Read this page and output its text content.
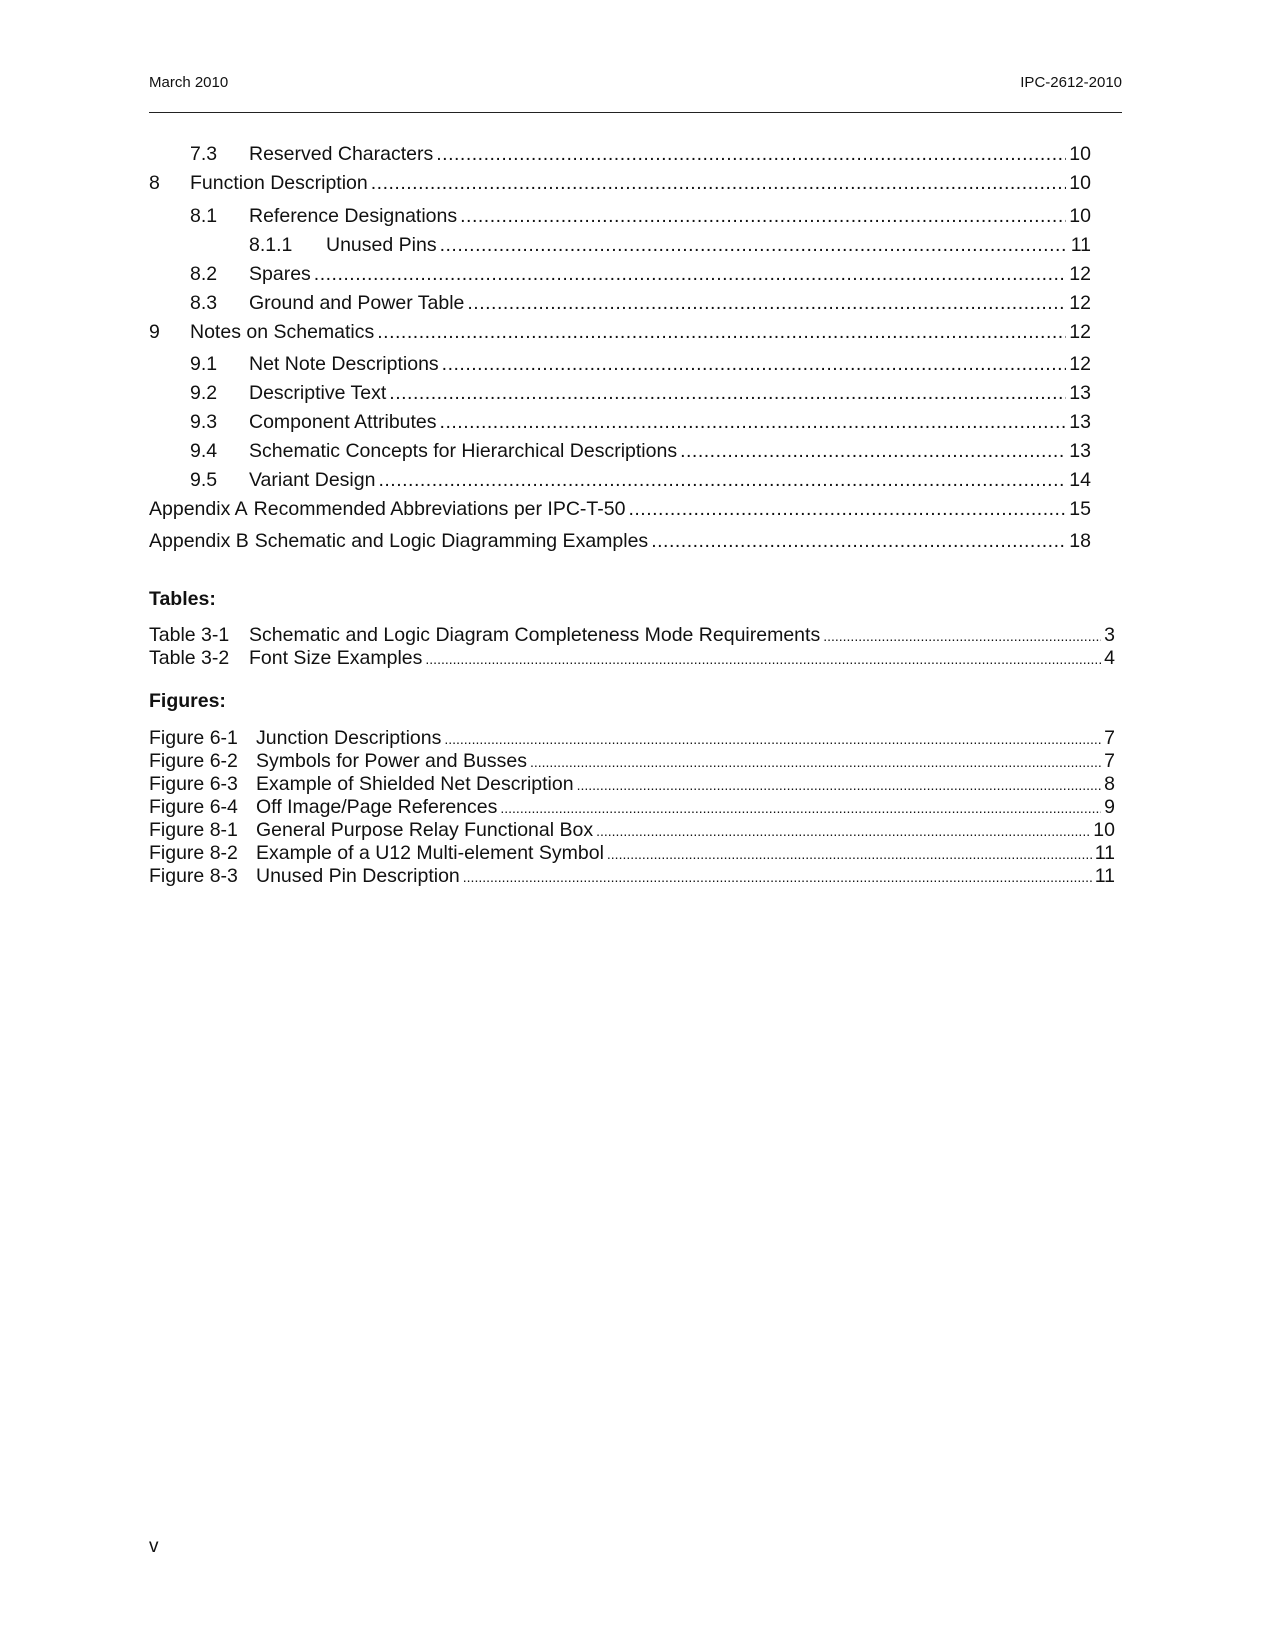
March 2010	IPC-2612-2010
7.3	Reserved Characters .....	10
8	Function Description .....	10
8.1	Reference Designations .....	10
8.1.1	Unused Pins .....	11
8.2	Spares .....	12
8.3	Ground and Power Table .....	12
9	Notes on Schematics .....	12
9.1	Net Note Descriptions .....	12
9.2	Descriptive Text .....	13
9.3	Component Attributes .....	13
9.4	Schematic Concepts for Hierarchical Descriptions .....	13
9.5	Variant Design .....	14
Appendix A Recommended Abbreviations per IPC-T-50 .....	15
Appendix B Schematic and Logic Diagramming Examples .....	18
Tables:
Table 3-1	Schematic and Logic Diagram Completeness Mode Requirements .....	3
Table 3-2	Font Size Examples .....	4
Figures:
Figure 6-1 Junction Descriptions .....	7
Figure 6-2 Symbols for Power and Busses .....	7
Figure 6-3 Example of Shielded Net Description .....	8
Figure 6-4 Off Image/Page References .....	9
Figure 8-1 General Purpose Relay Functional Box .....	10
Figure 8-2 Example of a U12 Multi-element Symbol .....	11
Figure 8-3 Unused Pin Description .....	11
v
